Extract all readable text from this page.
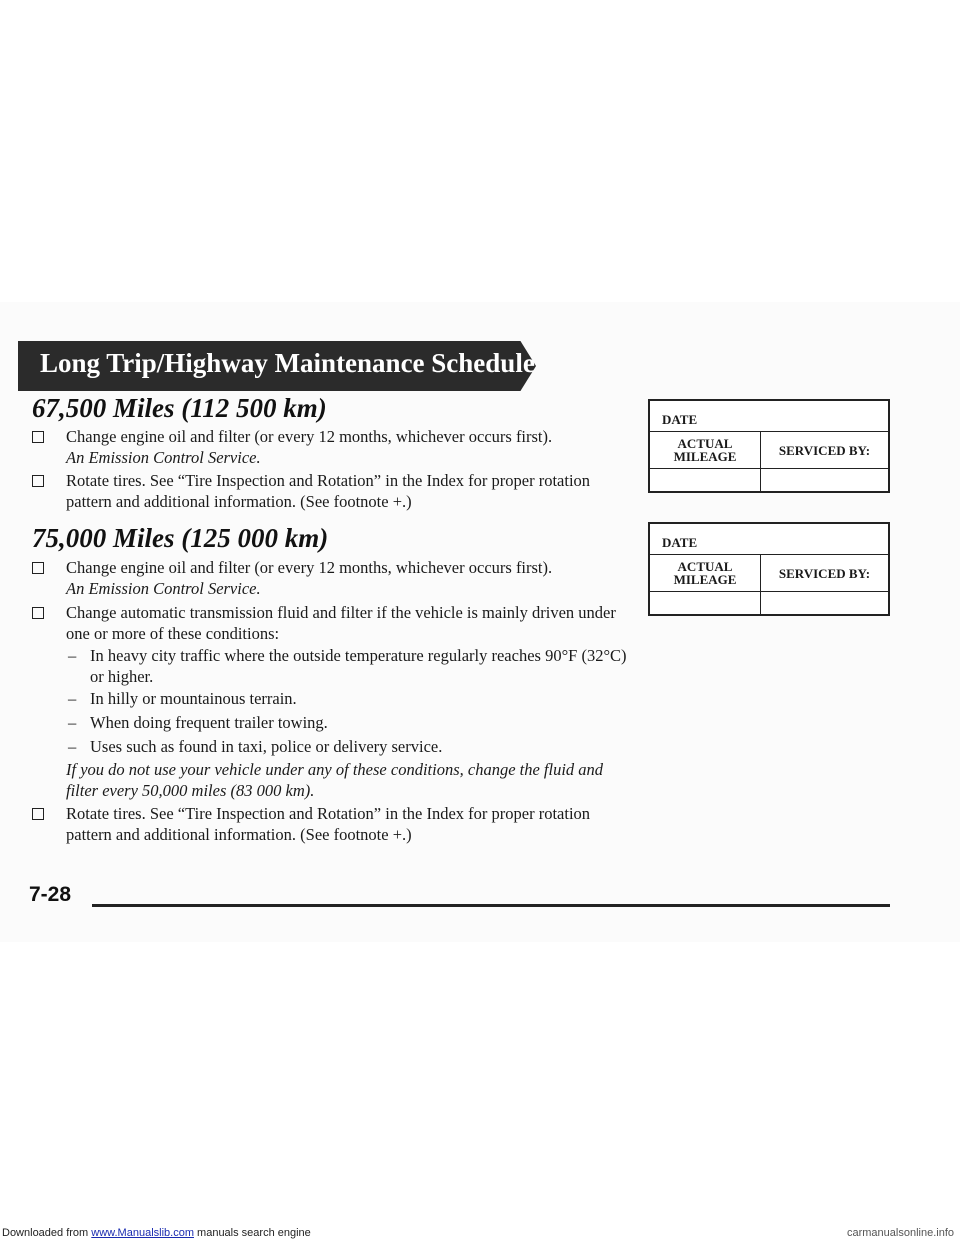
Long Trip/Highway Maintenance Schedule
67,500 Miles (112 500 km)
Change engine oil and filter (or every 12 months, whichever occurs first).
An Emission Control Service.
Rotate tires. See “Tire Inspection and Rotation” in the Index for proper rotation pattern and additional information. (See footnote +.)
75,000 Miles (125 000 km)
Change engine oil and filter (or every 12 months, whichever occurs first).
An Emission Control Service.
Change automatic transmission fluid and filter if the vehicle is mainly driven under one or more of these conditions:
– In heavy city traffic where the outside temperature regularly reaches 90°F (32°C) or higher.
– In hilly or mountainous terrain.
– When doing frequent trailer towing.
– Uses such as found in taxi, police or delivery service.
If you do not use your vehicle under any of these conditions, change the fluid and filter every 50,000 miles (83 000 km).
Rotate tires. See “Tire Inspection and Rotation” in the Index for proper rotation pattern and additional information. (See footnote +.)
DATE
ACTUAL MILEAGE	SERVICED BY:
DATE
ACTUAL MILEAGE	SERVICED BY:
7-28
Downloaded from www.Manualslib.com manuals search engine	carmanualsonline.info
